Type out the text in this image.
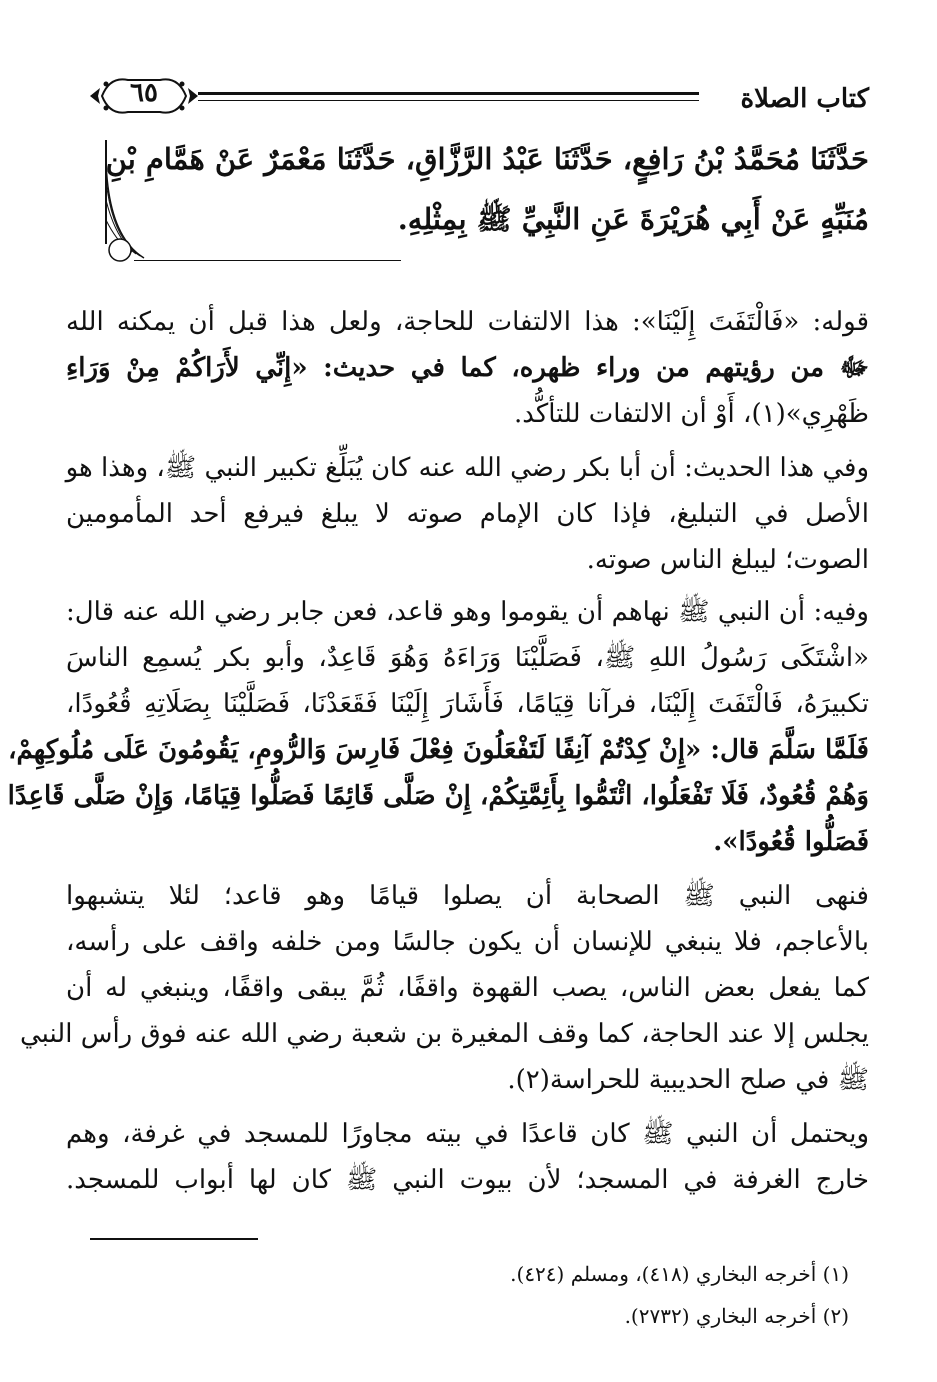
كتاب الصلاة
٦٥
حَدَّثَنَا مُحَمَّدُ بْنُ رَافِعٍ، حَدَّثَنَا عَبْدُ الرَّزَّاقِ، حَدَّثَنَا مَعْمَرٌ عَنْ هَمَّامِ بْنِ
مُنَبِّهٍ عَنْ أَبِي هُرَيْرَةَ عَنِ النَّبِيِّ ﷺ بِمِثْلِهِ.
قوله: «فَالْتَفَتَ إِلَيْنَا»: هذا الالتفات للحاجة، ولعل هذا قبل أن يمكنه الله
ﷻ من رؤيتهم من وراء ظهره، كما في حديث: «إِنِّي لأَرَاكُمْ مِنْ وَرَاءِ
ظَهْرِي»(١)، أَوْ أن الالتفات للتأكُّد.
وفي هذا الحديث: أن أبا بكر رضي الله عنه كان يُبَلِّغ تكبير النبي ﷺ، وهذا هو
الأصل في التبليغ، فإذا كان الإمام صوته لا يبلغ فيرفع أحد المأمومين
الصوت؛ ليبلغ الناس صوته.
وفيه: أن النبي ﷺ نهاهم أن يقوموا وهو قاعد، فعن جابر رضي الله عنه قال:
«اشْتَكَى رَسُولُ اللهِ ﷺ، فَصَلَّيْنَا وَرَاءَهُ وَهُوَ قَاعِدٌ، وأبو بكر يُسمِع الناسَ
تكبيرَهُ، فَالْتَفَتَ إِلَيْنَا، فرآنا قِيَامًا، فَأَشَارَ إِلَيْنَا فَقَعَدْنَا، فَصَلَّيْنَا بِصَلَاتِهِ قُعُودًا،
فَلَمَّا سَلَّمَ قال: «إِنْ كِدْتُمْ آنِفًا لَتَفْعَلُونَ فِعْلَ فَارِسَ وَالرُّومِ، يَقُومُونَ عَلَى مُلُوكِهِمْ،
وَهُمْ قُعُودٌ، فَلَا تَفْعَلُوا، ائْتَمُّوا بِأَئِمَّتِكُمْ، إِنْ صَلَّى قَائِمًا فَصَلُّوا قِيَامًا، وَإِنْ صَلَّى قَاعِدًا
فَصَلُّوا قُعُودًا».
فنهى النبي ﷺ الصحابة أن يصلوا قيامًا وهو قاعد؛ لئلا يتشبهوا
بالأعاجم، فلا ينبغي للإنسان أن يكون جالسًا ومن خلفه واقف على رأسه،
كما يفعل بعض الناس، يصب القهوة واقفًا، ثُمَّ يبقى واقفًا، وينبغي له أن
يجلس إلا عند الحاجة، كما وقف المغيرة بن شعبة رضي الله عنه فوق رأس النبي
ﷺ في صلح الحديبية للحراسة(٢).
ويحتمل أن النبي ﷺ كان قاعدًا في بيته مجاورًا للمسجد في غرفة، وهم
خارج الغرفة في المسجد؛ لأن بيوت النبي ﷺ كان لها أبواب للمسجد.
(١) أخرجه البخاري (٤١٨)، ومسلم (٤٢٤).
(٢) أخرجه البخاري (٢٧٣٢).
